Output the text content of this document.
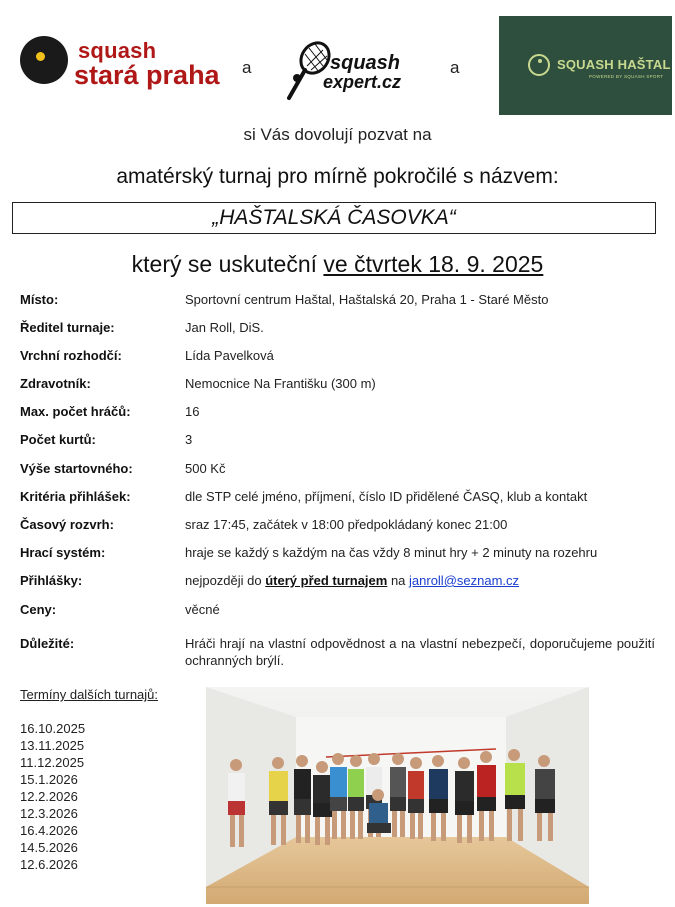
squash
stará praha a	squash
expert.cz
a	SQUASH HAŠTAL
POWERED BY SQUASH SPORT
si Vás dovolují pozvat na
amatérský turnaj pro mírně pokročilé s názvem:
„HAŠTALSKÁ ČASOVKA“
který se uskuteční ve čtvrtek 18. 9. 2025
Místo:	Sportovní centrum Haštal, Haštalská 20, Praha 1 - Staré Město
Ředitel turnaje:	Jan Roll, DiS.
Vrchní rozhodčí:	Lída Pavelková
Zdravotník:	Nemocnice Na Františku (300 m)
Max. počet hráčů:	16
Počet kurtů:	3
Výše startovného:	500 Kč
Kritéria přihlášek:	dle STP celé jméno, příjmení, číslo ID přidělené ČASQ, klub a kontakt
Časový rozvrh:	sraz 17:45, začátek v 18:00 předpokládaný konec 21:00
Hrací systém:	hraje se každý s každým na čas vždy 8 minut hry + 2 minuty na rozehru
Přihlášky:	nejpozději do úterý před turnajem na janroll@seznam.cz
Ceny:	věcné
Důležité:	Hráči hrají na vlastní odpovědnost a na vlastní nebezpečí, doporučujeme použití ochranných brýlí.
Termíny dalších turnajů:
16.10.2025
13.11.2025
11.12.2025
15.1.2026
12.2.2026
12.3.2026
16.4.2026
14.5.2026
12.6.2026
